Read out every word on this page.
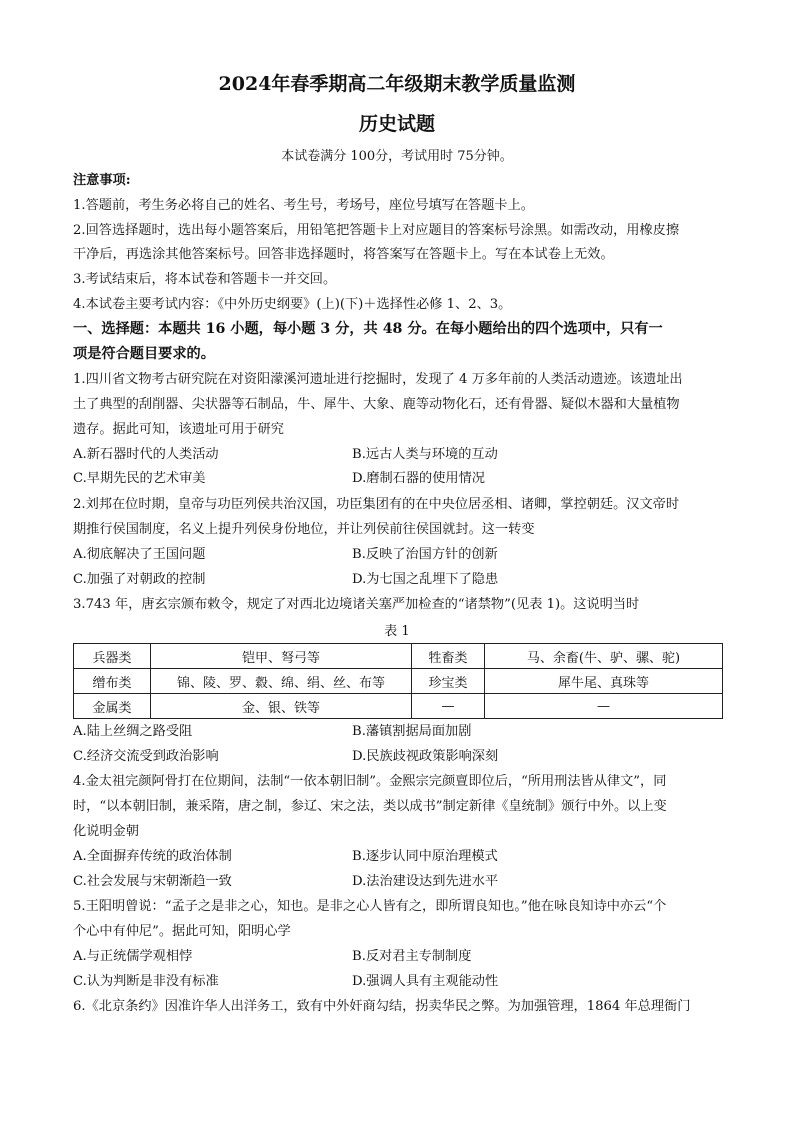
2024年春季期高二年级期末教学质量监测
历史试题
本试卷满分 100分，考试用时 75分钟。
注意事项:
1.答题前，考生务必将自己的姓名、考生号，考场号，座位号填写在答题卡上。
2.回答选择题时，选出每小题答案后，用铅笔把答题卡上对应题目的答案标号涂黑。如需改动，用橡皮擦
干净后，再选涂其他答案标号。回答非选择题时，将答案写在答题卡上。写在本试卷上无效。
3.考试结束后，将本试卷和答题卡一并交回。
4.本试卷主要考试内容：《中外历史纲要》(上)(下)＋选择性必修 1、2、3。
一、选择题：本题共 16 小题，每小题 3 分，共 48 分。在每小题给出的四个选项中，只有一
项是符合题目要求的。
1.四川省文物考古研究院在对资阳濛溪河遗址进行挖掘时，发现了 4 万多年前的人类活动遗迹。该遗址出
土了典型的刮削器、尖状器等石制品，牛、犀牛、大象、鹿等动物化石，还有骨器、疑似木器和大量植物
遗存。据此可知，该遗址可用于研究
A.新石器时代的人类活动	B.远古人类与环境的互动
C.早期先民的艺术审美	D.磨制石器的使用情况
2.刘邦在位时期，皇帝与功臣列侯共治汉国，功臣集团有的在中央位居丞相、诸卿，掌控朝廷。汉文帝时
期推行侯国制度，名义上提升列侯身份地位，并让列侯前往侯国就封。这一转变
A.彻底解决了王国问题	B.反映了治国方针的创新
C.加强了对朝政的控制	D.为七国之乱埋下了隐患
3.743 年，唐玄宗颁布敕令，规定了对西北边境诸关塞严加检查的“诸禁物”(见表 1)。这说明当时
表 1
兵器类	铠甲、弩弓等	牲畜类	马、余畜(牛、驴、骡、驼)
缯布类	锦、陵、罗、縠、绵、绢、丝、布等	珍宝类	犀牛尾、真珠等
金属类	金、银、铁等	—	—
A.陆上丝绸之路受阻	B.藩镇割据局面加剧
C.经济交流受到政治影响	D.民族歧视政策影响深刻
4.金太祖完颜阿骨打在位期间，法制“一依本朝旧制”。金熙宗完颜亶即位后，“所用刑法皆从律文”，同
时，“以本朝旧制，兼采隋，唐之制，参辽、宋之法，类以成书”制定新律《皇统制》颁行中外。以上变
化说明金朝
A.全面摒弃传统的政治体制	B.逐步认同中原治理模式
C.社会发展与宋朝渐趋一致	D.法治建设达到先进水平
5.王阳明曾说：“孟子之是非之心，知也。是非之心人皆有之，即所谓良知也。”他在咏良知诗中亦云“个
个心中有仲尼”。据此可知，阳明心学
A.与正统儒学观相悖	B.反对君主专制制度
C.认为判断是非没有标准	D.强调人具有主观能动性
6.《北京条约》因准许华人出洋务工，致有中外奸商勾结，拐卖华民之弊。为加强管理，1864 年总理衙门
